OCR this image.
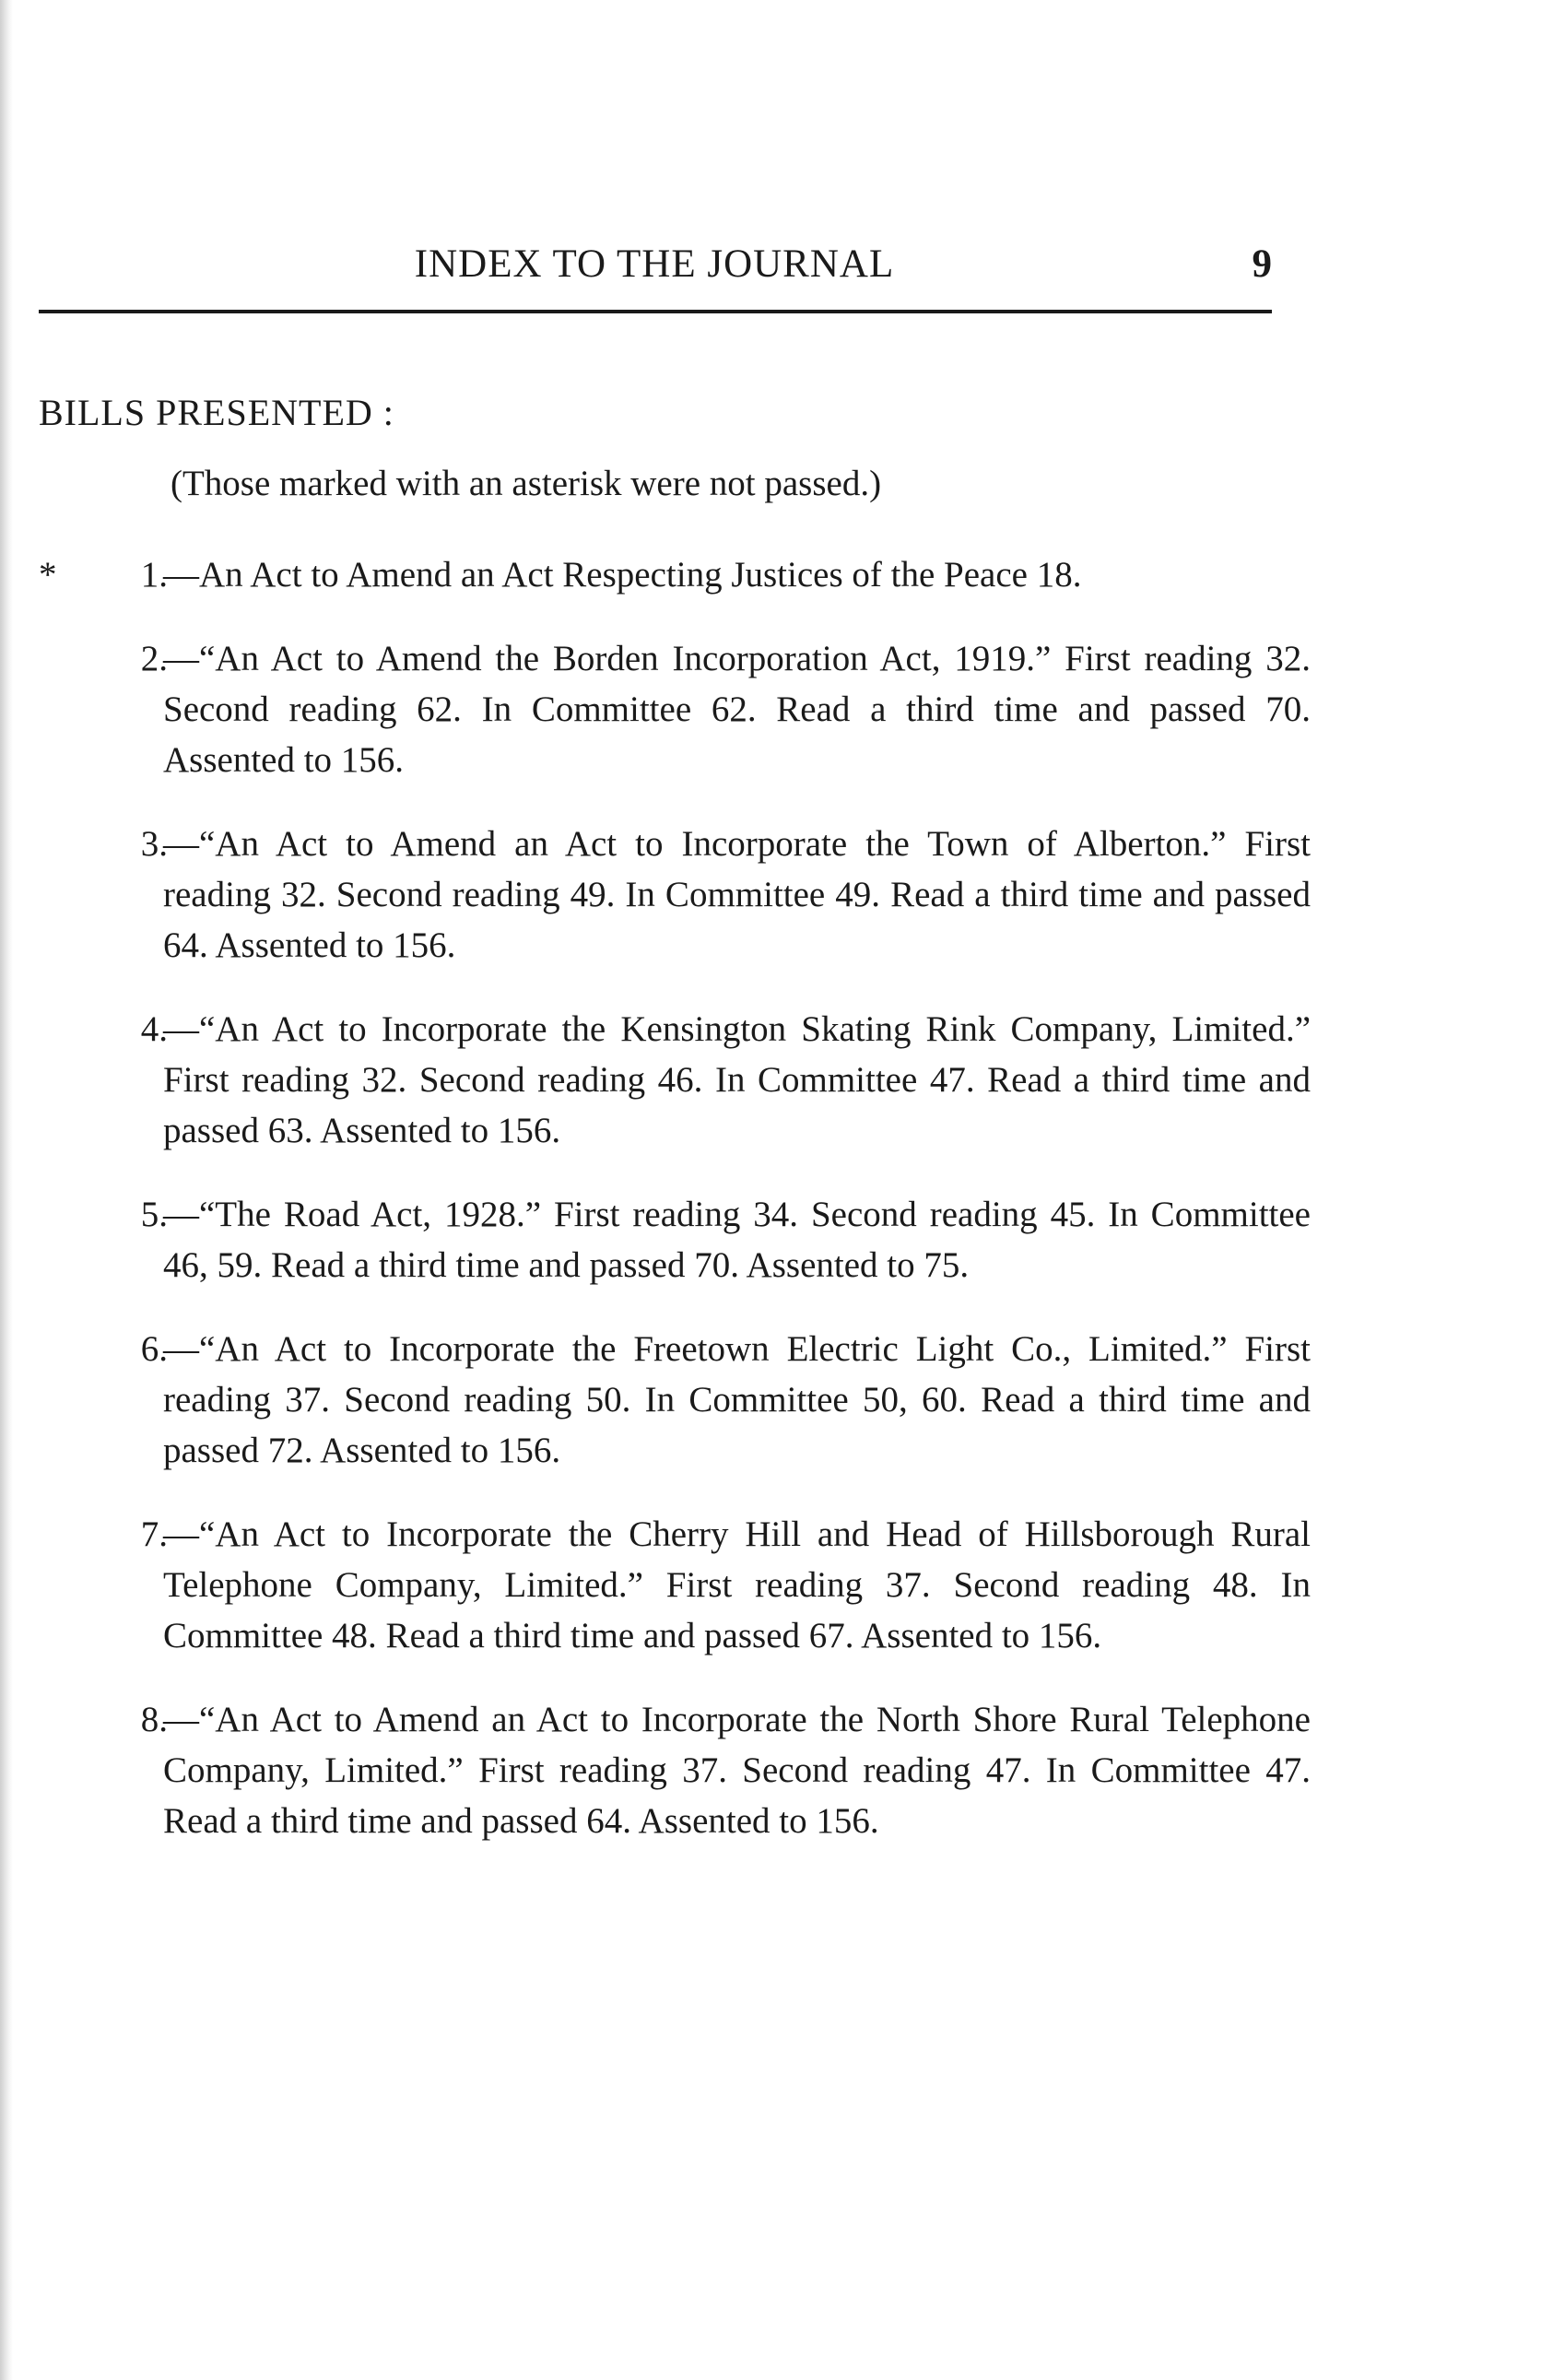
INDEX TO THE JOURNAL	9
BILLS PRESENTED :
(Those marked with an asterisk were not passed.)
*	1.
—An Act to Amend an Act Respecting Justices of the Peace 18.
2.
—“An Act to Amend the Borden Incorporation Act, 1919.” First reading 32. Second reading 62. In Committee 62. Read a third time and passed 70. Assented to 156.
3.
—“An Act to Amend an Act to Incorporate the Town of Alberton.” First reading 32. Second reading 49. In Committee 49. Read a third time and passed 64. Assented to 156.
4.
—“An Act to Incorporate the Kensington Skating Rink Company, Limited.” First reading 32. Second reading 46. In Committee 47. Read a third time and passed 63. Assented to 156.
5.
—“The Road Act, 1928.” First reading 34. Second reading 45. In Committee 46, 59. Read a third time and passed 70. Assented to 75.
6.
—“An Act to Incorporate the Freetown Electric Light Co., Limited.” First reading 37. Second reading 50. In Committee 50, 60. Read a third time and passed 72. Assented to 156.
7.
—“An Act to Incorporate the Cherry Hill and Head of Hillsborough Rural Telephone Company, Limited.” First reading 37. Second reading 48. In Committee 48. Read a third time and passed 67. Assented to 156.
8.
—“An Act to Amend an Act to Incorporate the North Shore Rural Telephone Company, Limited.” First reading 37. Second reading 47. In Committee 47. Read a third time and passed 64. Assented to 156.
